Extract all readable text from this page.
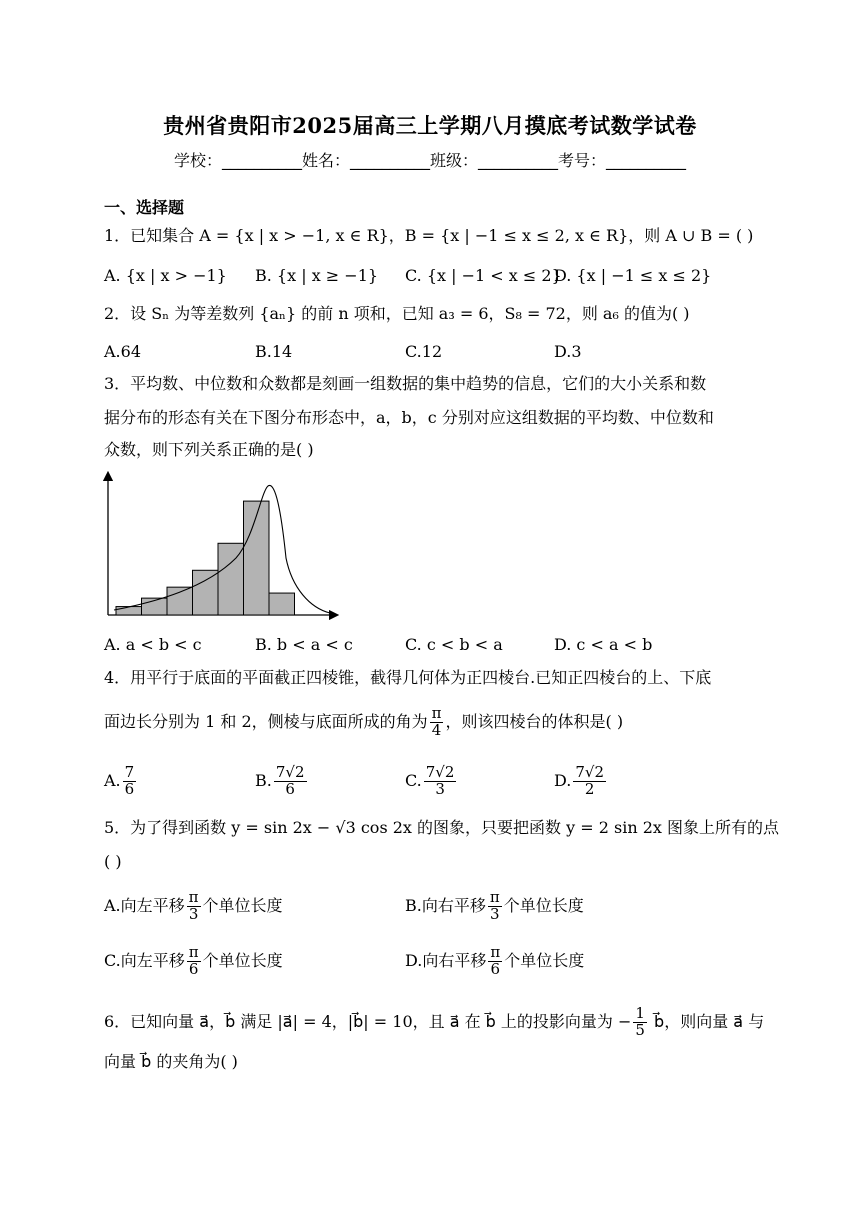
贵州省贵阳市2025届高三上学期八月摸底考试数学试卷
学校：__________姓名：__________班级：__________考号：__________
一、选择题
1．已知集合 A = {x | x > −1, x ∈ R}，B = {x | −1 ≤ x ≤ 2, x ∈ R}，则 A ∪ B = ( )
A. {x | x > −1} B. {x | x ≥ −1} C. {x | −1 < x ≤ 2}
D. {x | −1 ≤ x ≤ 2}
2．设 Sₙ 为等差数列 {aₙ} 的前 n 项和，已知 a₃ = 6，S₈ = 72，则 a₆ 的值为( )
A.64	B.14	C.12	D.3
3．平均数、中位数和众数都是刻画一组数据的集中趋势的信息，它们的大小关系和数
据分布的形态有关在下图分布形态中，a，b，c 分别对应这组数据的平均数、中位数和
众数，则下列关系正确的是( )
A. a < b < c	B. b < a < c	C. c < b < a	D. c < a < b
4．用平行于底面的平面截正四棱锥，截得几何体为正四棱台.已知正四棱台的上、下底
面边长分别为 1 和 2，侧棱与底面所成的角为 $\frac{\pi}{4}$ ，则该四棱台的体积是( )
A. $\frac{7}{6}$	B. $\frac{7√2}{6}$	C. $\frac{7√2}{3}$	D. $\frac{7√2}{2}$
5．为了得到函数 y = sin 2x − √3 cos 2x 的图象，只要把函数 y = 2 sin 2x 图象上所有的点
( )
A.向左平移 $\frac{\pi}{3}$ 个单位长度	B.向右平移 $\frac{\pi}{3}$ 个单位长度
C.向左平移 $\frac{\pi}{6}$ 个单位长度	D.向右平移 $\frac{\pi}{6}$ 个单位长度
6．已知向量 a⃗，b⃗ 满足 |a⃗| = 4，|b⃗| = 10，且 a⃗ 在 b⃗ 上的投影向量为 − $\frac{1}{5}$ b⃗，则向量 a⃗ 与
向量 b⃗ 的夹角为( )
